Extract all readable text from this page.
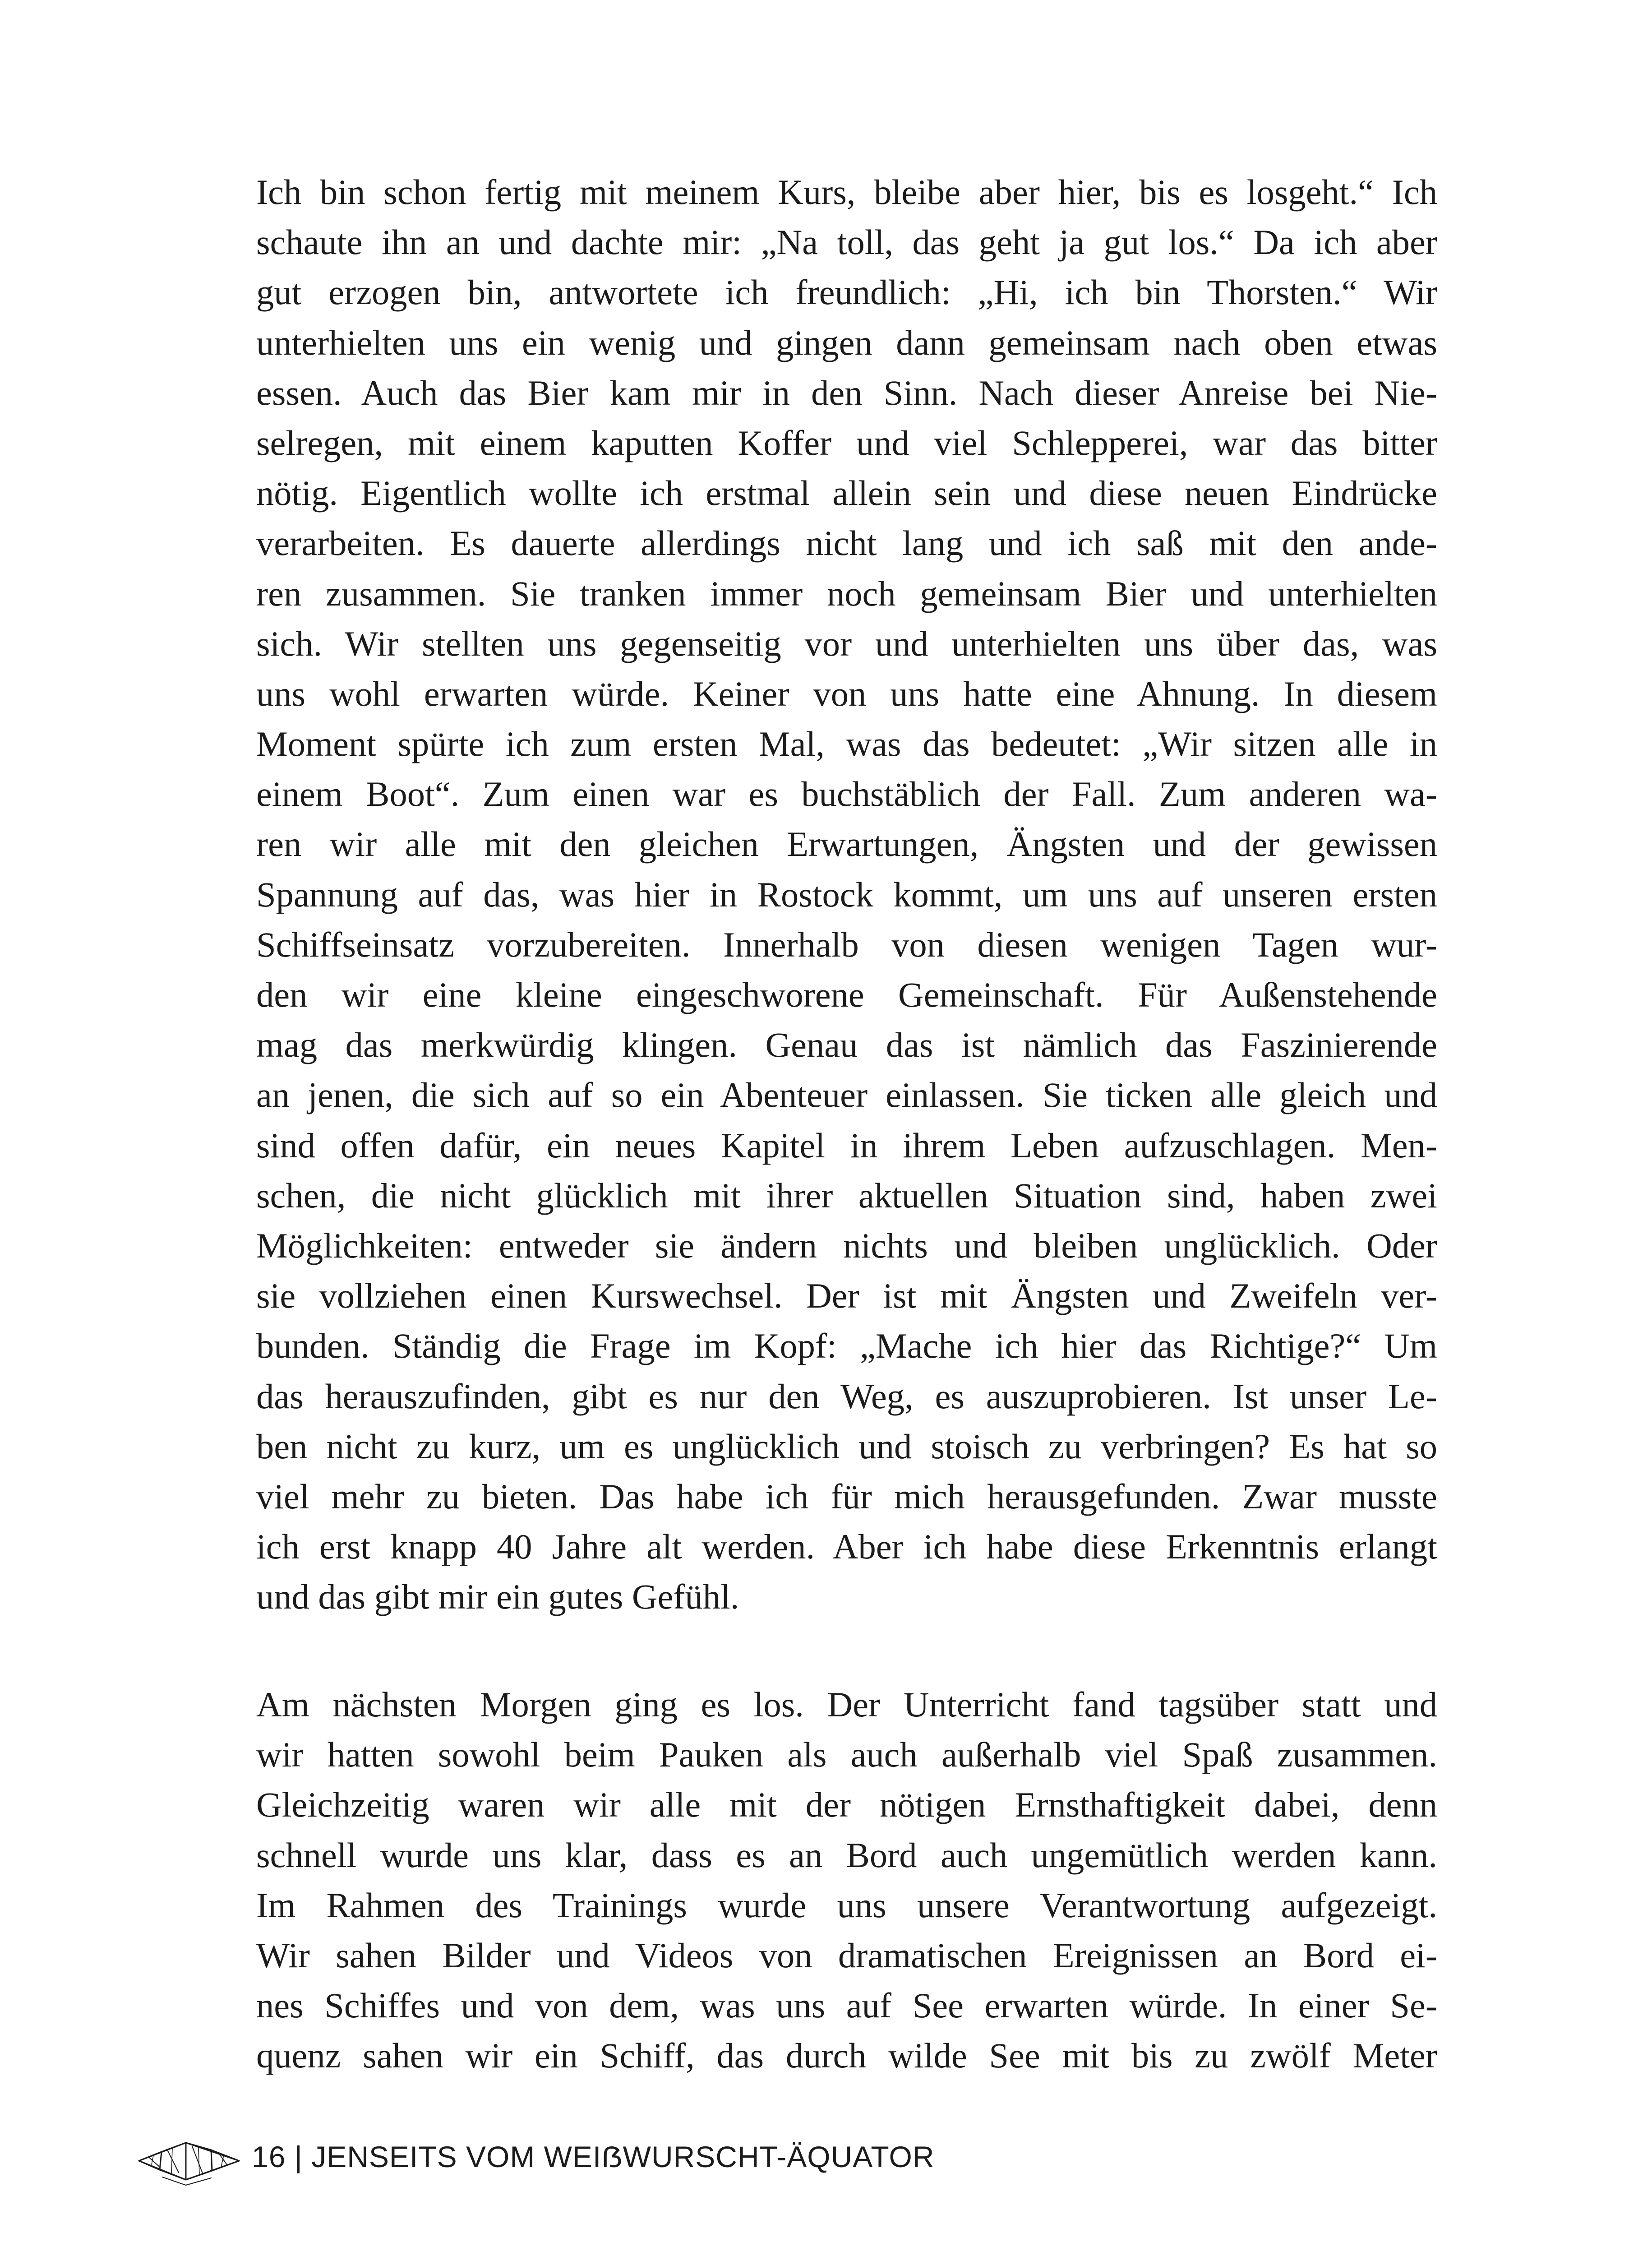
Ich bin schon fertig mit meinem Kurs, bleibe aber hier, bis es losgeht.“ Ich
schaute ihn an und dachte mir: „Na toll, das geht ja gut los.“ Da ich aber
gut erzogen bin, antwortete ich freundlich: „Hi, ich bin Thorsten.“ Wir
unterhielten uns ein wenig und gingen dann gemeinsam nach oben etwas
essen. Auch das Bier kam mir in den Sinn. Nach dieser Anreise bei Nie-
selregen, mit einem kaputten Koffer und viel Schlepperei, war das bitter
nötig. Eigentlich wollte ich erstmal allein sein und diese neuen Eindrücke
verarbeiten. Es dauerte allerdings nicht lang und ich saß mit den ande-
ren zusammen. Sie tranken immer noch gemeinsam Bier und unterhielten
sich. Wir stellten uns gegenseitig vor und unterhielten uns über das, was
uns wohl erwarten würde. Keiner von uns hatte eine Ahnung. In diesem
Moment spürte ich zum ersten Mal, was das bedeutet: „Wir sitzen alle in
einem Boot“. Zum einen war es buchstäblich der Fall. Zum anderen wa-
ren wir alle mit den gleichen Erwartungen, Ängsten und der gewissen
Spannung auf das, was hier in Rostock kommt, um uns auf unseren ersten
Schiffseinsatz vorzubereiten. Innerhalb von diesen wenigen Tagen wur-
den wir eine kleine eingeschworene Gemeinschaft. Für Außenstehende
mag das merkwürdig klingen. Genau das ist nämlich das Faszinierende
an jenen, die sich auf so ein Abenteuer einlassen. Sie ticken alle gleich und
sind offen dafür, ein neues Kapitel in ihrem Leben aufzuschlagen. Men-
schen, die nicht glücklich mit ihrer aktuellen Situation sind, haben zwei
Möglichkeiten: entweder sie ändern nichts und bleiben unglücklich. Oder
sie vollziehen einen Kurswechsel. Der ist mit Ängsten und Zweifeln ver-
bunden. Ständig die Frage im Kopf: „Mache ich hier das Richtige?“ Um
das herauszufinden, gibt es nur den Weg, es auszuprobieren. Ist unser Le-
ben nicht zu kurz, um es unglücklich und stoisch zu verbringen? Es hat so
viel mehr zu bieten. Das habe ich für mich herausgefunden. Zwar musste
ich erst knapp 40 Jahre alt werden. Aber ich habe diese Erkenntnis erlangt
und das gibt mir ein gutes Gefühl.
Am nächsten Morgen ging es los. Der Unterricht fand tagsüber statt und
wir hatten sowohl beim Pauken als auch außerhalb viel Spaß zusammen.
Gleichzeitig waren wir alle mit der nötigen Ernsthaftigkeit dabei, denn
schnell wurde uns klar, dass es an Bord auch ungemütlich werden kann.
Im Rahmen des Trainings wurde uns unsere Verantwortung aufgezeigt.
Wir sahen Bilder und Videos von dramatischen Ereignissen an Bord ei-
nes Schiffes und von dem, was uns auf See erwarten würde. In einer Se-
quenz sahen wir ein Schiff, das durch wilde See mit bis zu zwölf Meter
16 | JENSEITS VOM WEIẞWURSCHT-ÄQUATOR
